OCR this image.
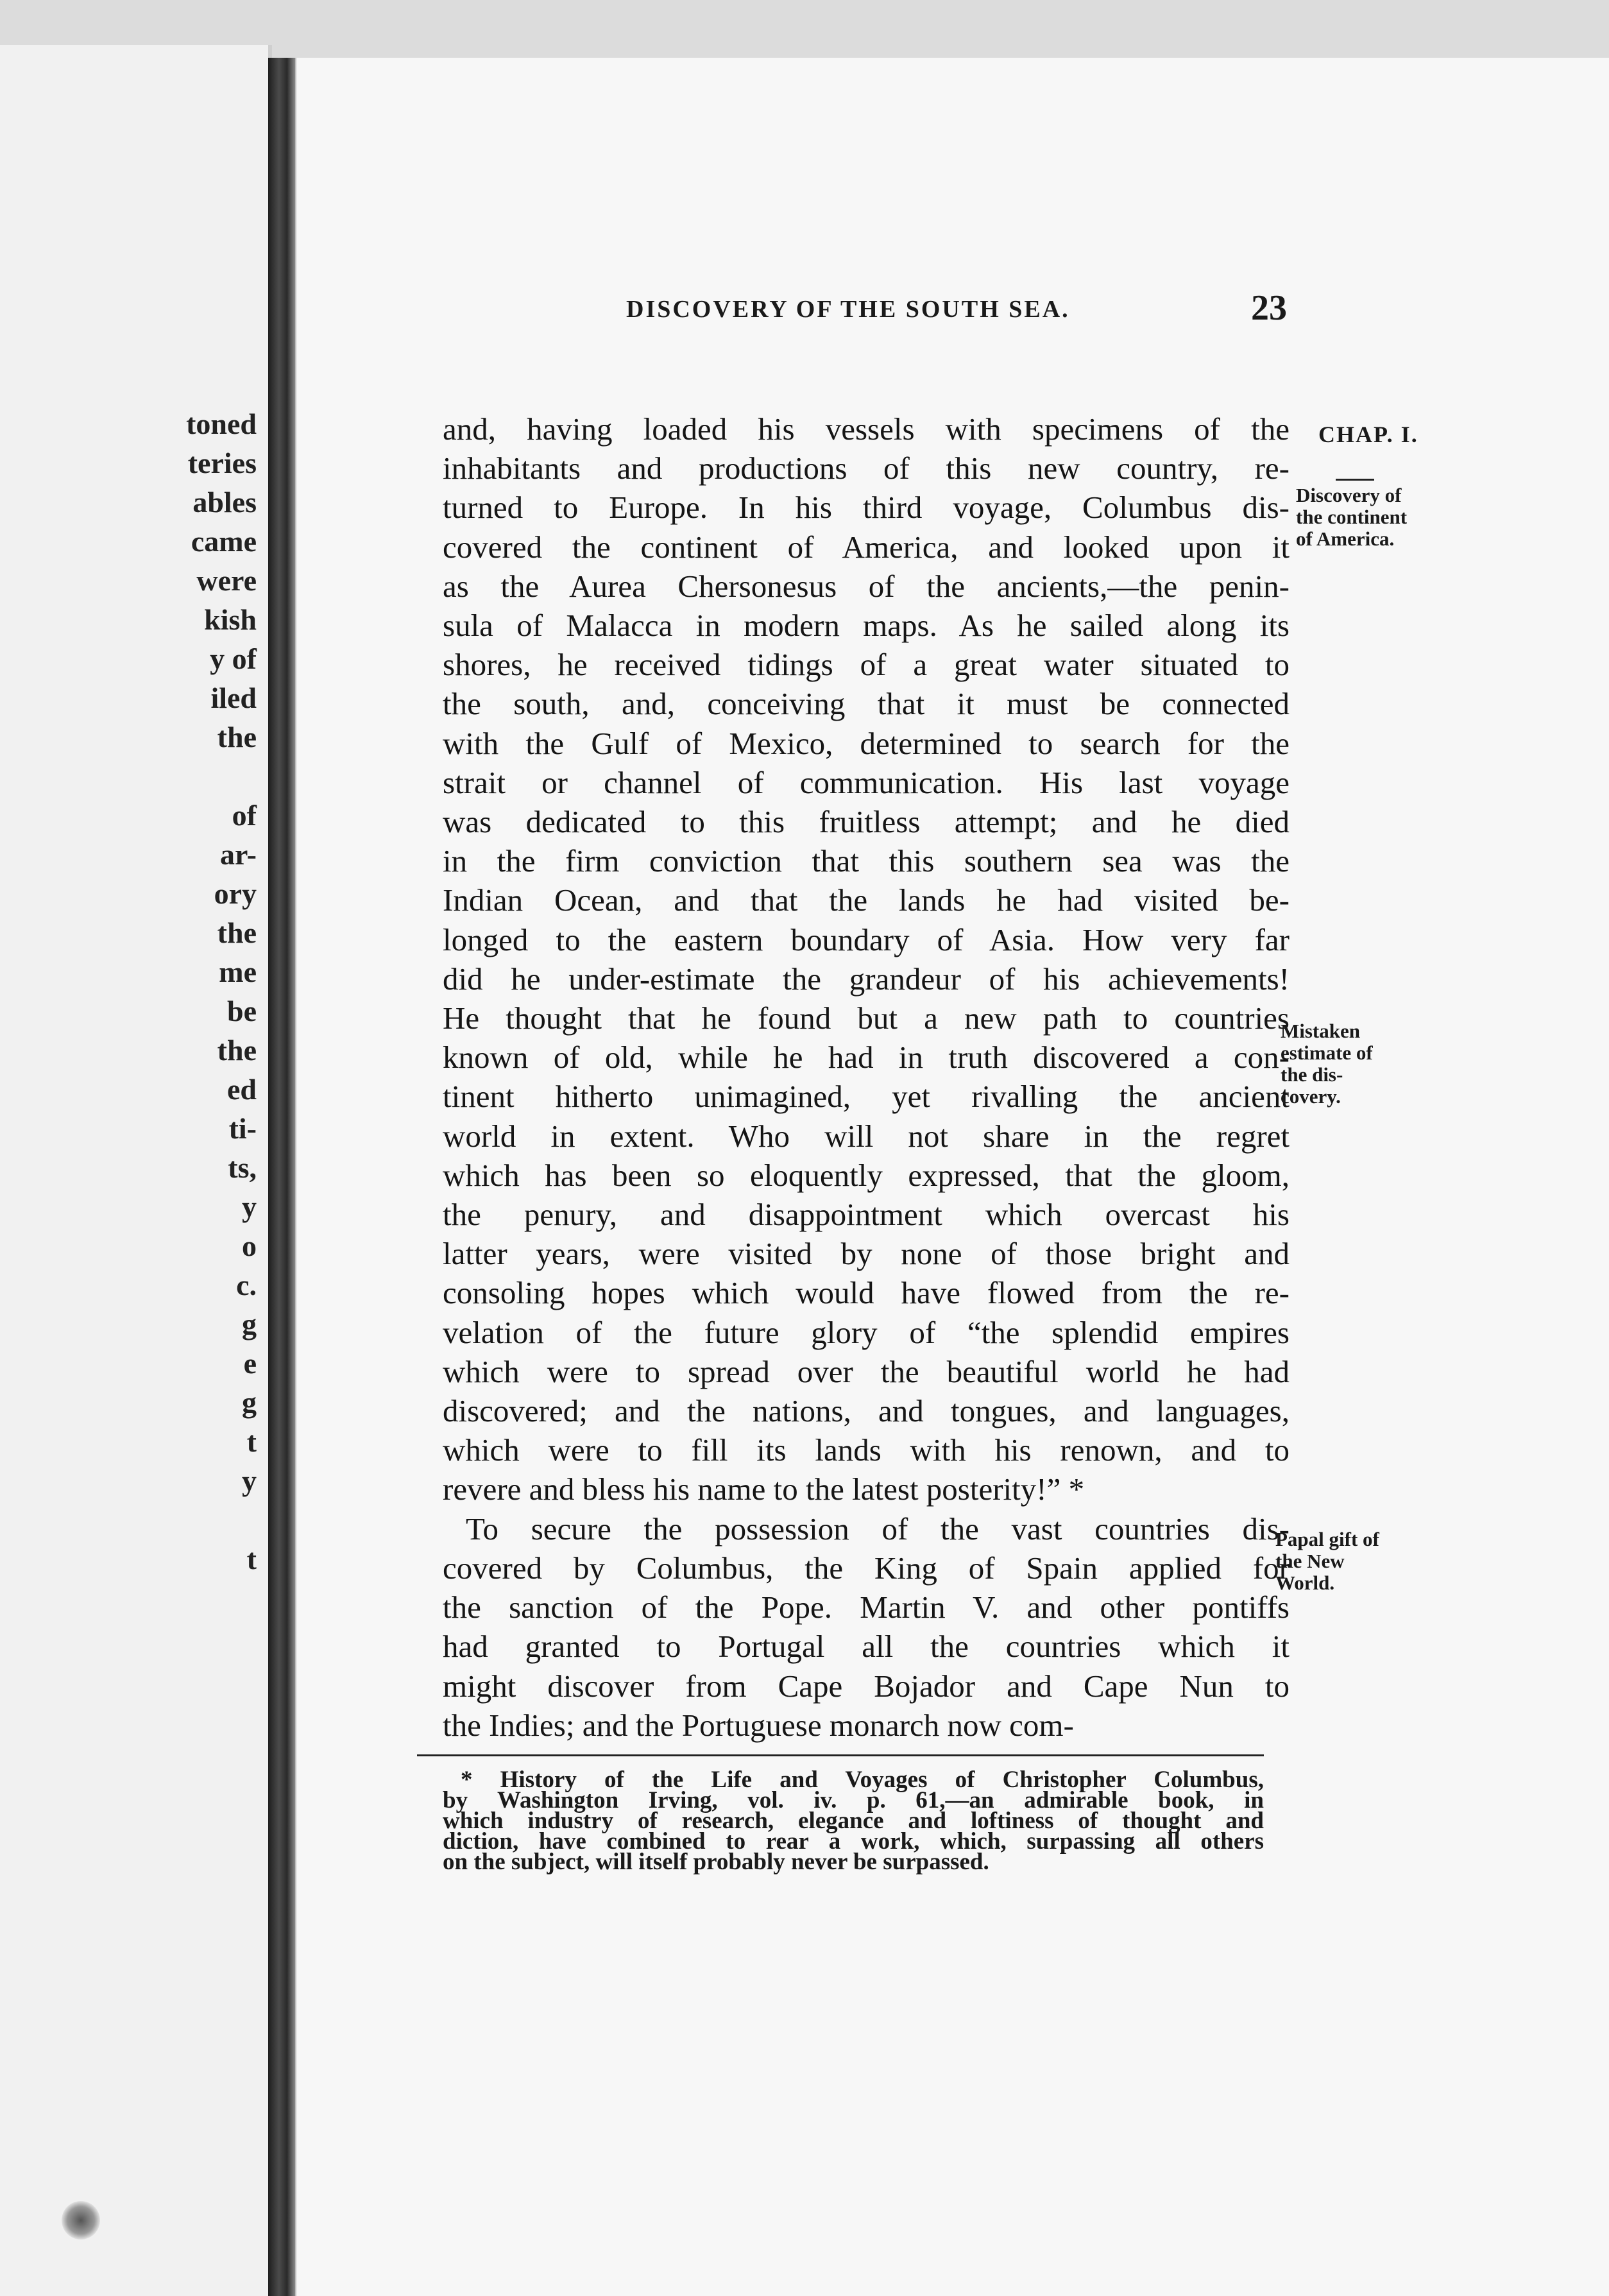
toned
teries
ables
came
were
kish
y of
iled
the

of
ar-
ory
the
me
be
the
ed
ti-
ts,
y
o
c.
g
e
g
t
y

t

DISCOVERY OF THE SOUTH SEA.	23
and, having loaded his vessels with specimens of the
inhabitants and productions of this new country, re-
turned to Europe. In his third voyage, Columbus dis-
covered the continent of America, and looked upon it
as the Aurea Chersonesus of the ancients,—the penin-
sula of Malacca in modern maps. As he sailed along its
shores, he received tidings of a great water situated to
the south, and, conceiving that it must be connected
with the Gulf of Mexico, determined to search for the
strait or channel of communication. His last voyage
was dedicated to this fruitless attempt; and he died
in the firm conviction that this southern sea was the
Indian Ocean, and that the lands he had visited be-
longed to the eastern boundary of Asia. How very far
did he under-estimate the grandeur of his achievements!
He thought that he found but a new path to countries
known of old, while he had in truth discovered a con-
tinent hitherto unimagined, yet rivalling the ancient
world in extent. Who will not share in the regret
which has been so eloquently expressed, that the gloom,
the penury, and disappointment which overcast his
latter years, were visited by none of those bright and
consoling hopes which would have flowed from the re-
velation of the future glory of “the splendid empires
which were to spread over the beautiful world he had
discovered; and the nations, and tongues, and languages,
which were to fill its lands with his renown, and to
revere and bless his name to the latest posterity!” *
To secure the possession of the vast countries dis-
covered by Columbus, the King of Spain applied for
the sanction of the Pope. Martin V. and other pontiffs
had granted to Portugal all the countries which it
might discover from Cape Bojador and Cape Nun to
the Indies; and the Portuguese monarch now com-
CHAP. I.
Discovery of
the continent
of America.
Mistaken
estimate of
the dis-
covery.
Papal gift of
the New
World.
* History of the Life and Voyages of Christopher Columbus,
by Washington Irving, vol. iv. p. 61,—an admirable book, in
which industry of research, elegance and loftiness of thought and
diction, have combined to rear a work, which, surpassing all others
on the subject, will itself probably never be surpassed.
